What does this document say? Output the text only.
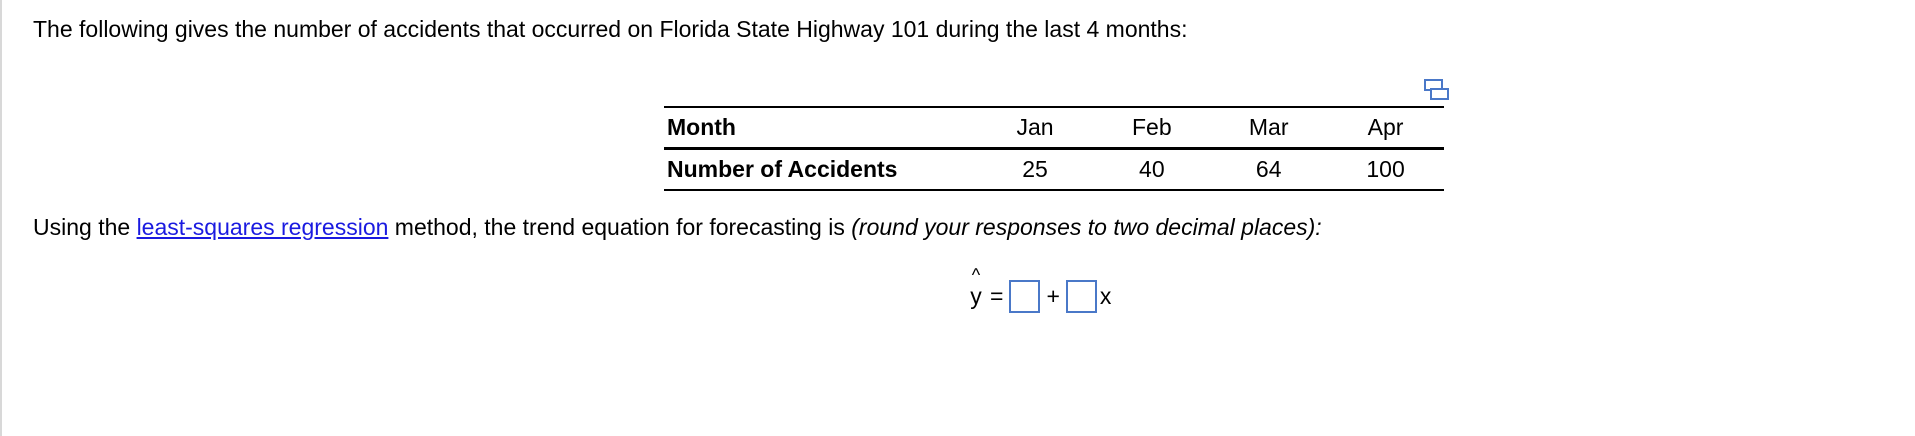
The following gives the number of accidents that occurred on Florida State Highway 101 during the last 4 months:
Month	Jan	Feb	Mar	Apr
Number of Accidents	25	40	64	100
Using the least-squares regression method, the trend equation for forecasting is (round your responses to two decimal places):
^
y = + x
